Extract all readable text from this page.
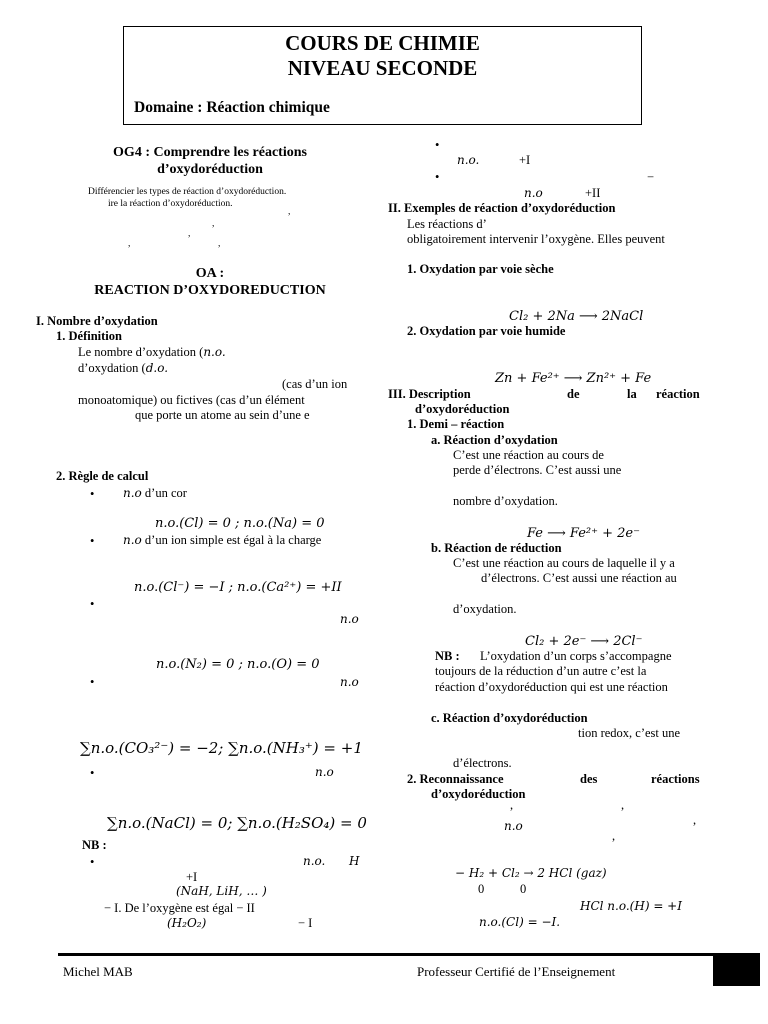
COURS DE CHIMIE
NIVEAU SECONDE
Domaine : Réaction chimique
OG4 : Comprendre les réactions
d’oxydoréduction
Différencier les types de réaction d’oxydoréduction.
ire la réaction d’oxydoréduction.
,
,
,
,	,
OA :
REACTION D’OXYDOREDUCTION
I. Nombre d’oxydation
1. Définition
Le nombre d’oxydation (n.o.
d’oxydation (d.o.
(cas d’un ion
monoatomique) ou fictives (cas d’un élément
que porte un atome au sein d’une e
2. Règle de calcul
•
n.o d’un cor
n.o.(Cl) = 0 ; n.o.(Na) = 0
•
n.o d’un ion simple est égal à la charge
n.o.(Cl⁻) = −I ; n.o.(Ca²⁺) = +II
•
n.o
n.o.(N₂) = 0 ; n.o.(O) = 0
•
n.o
∑n.o.(CO₃²⁻) = −2; ∑n.o.(NH₃⁺) = +1
•
n.o
∑n.o.(NaCl) = 0; ∑n.o.(H₂SO₄) = 0
NB :
•
n.o. H
+I
(NaH, LiH, … )
− I. De l’oxygène est égal − II
(H₂O₂)	− I
•
n.o.	+I
•
−
n.o	+II
II. Exemples de réaction d’oxydoréduction
Les réactions d’
obligatoirement intervenir l’oxygène. Elles peuvent
1. Oxydation par voie sèche
Cl₂ + 2Na ⟶ 2NaCl
2. Oxydation par voie humide
Zn + Fe²⁺ ⟶ Zn²⁺ + Fe
III. Description	de	la réaction
d’oxydoréduction
1. Demi – réaction
a. Réaction d’oxydation
C’est une réaction au cours de
perde d’électrons. C’est aussi une
nombre d’oxydation.
Fe ⟶ Fe²⁺ + 2e⁻
b. Réaction de réduction
C’est une réaction au cours de laquelle il y a
d’électrons. C’est aussi une réaction au
d’oxydation.
Cl₂ + 2e⁻ ⟶ 2Cl⁻
NB : L’oxydation d’un corps s’accompagne
toujours de la réduction d’un autre c’est la
réaction d’oxydoréduction qui est une réaction
c. Réaction d’oxydoréduction
tion redox, c’est une
d’électrons.
2. Reconnaissance	des	réactions
d’oxydoréduction
,	,
n.o	,
,
− H₂ + Cl₂ → 2 HCl (gaz)
0	0
HCl n.o.(H) = +I
n.o.(Cl) = −I.
Michel MAB	Professeur Certifié de l’Enseignement
